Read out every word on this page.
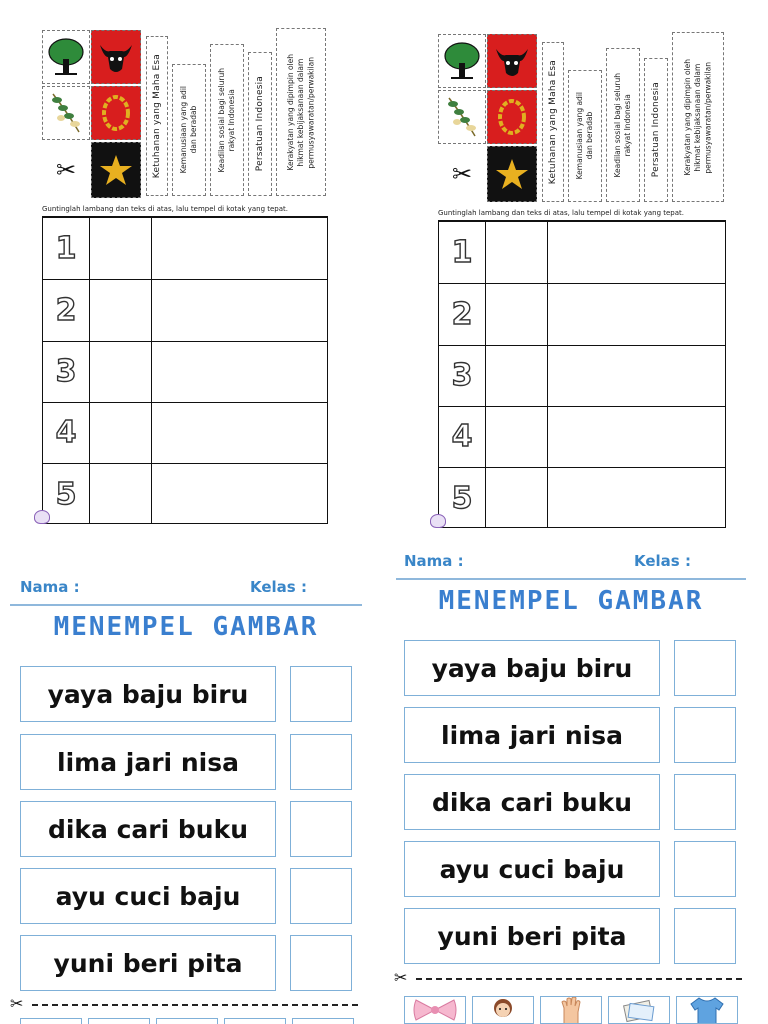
✂	Ketuhanan yang Maha Esa Kemanusiaan yang adil
dan beradab
Keadilan sosial bagi seluruh
rakyat Indonesia Persatuan Indonesia	Kerakyatan yang dipimpin oleh
hikmat kebijaksanaan dalam
permusyawaratan/perwakilan
Guntinglah lambang dan teks di atas, lalu tempel di kotak yang tepat.
1
2
3
4
5
✂	Ketuhanan yang Maha Esa Kemanusiaan yang adil
dan beradab
Keadilan sosial bagi seluruh
rakyat Indonesia Persatuan Indonesia	Kerakyatan yang dipimpin oleh
hikmat kebijaksanaan dalam
permusyawaratan/perwakilan
Guntinglah lambang dan teks di atas, lalu tempel di kotak yang tepat.
1
2
3
4
5
Nama :	Kelas :
MENEMPEL GAMBAR
yaya baju biru
lima jari nisa
dika cari buku
ayu cuci baju
yuni beri pita
✂
Nama :	Kelas :
MENEMPEL GAMBAR
yaya baju biru
lima jari nisa
dika cari buku
ayu cuci baju
yuni beri pita
✂
